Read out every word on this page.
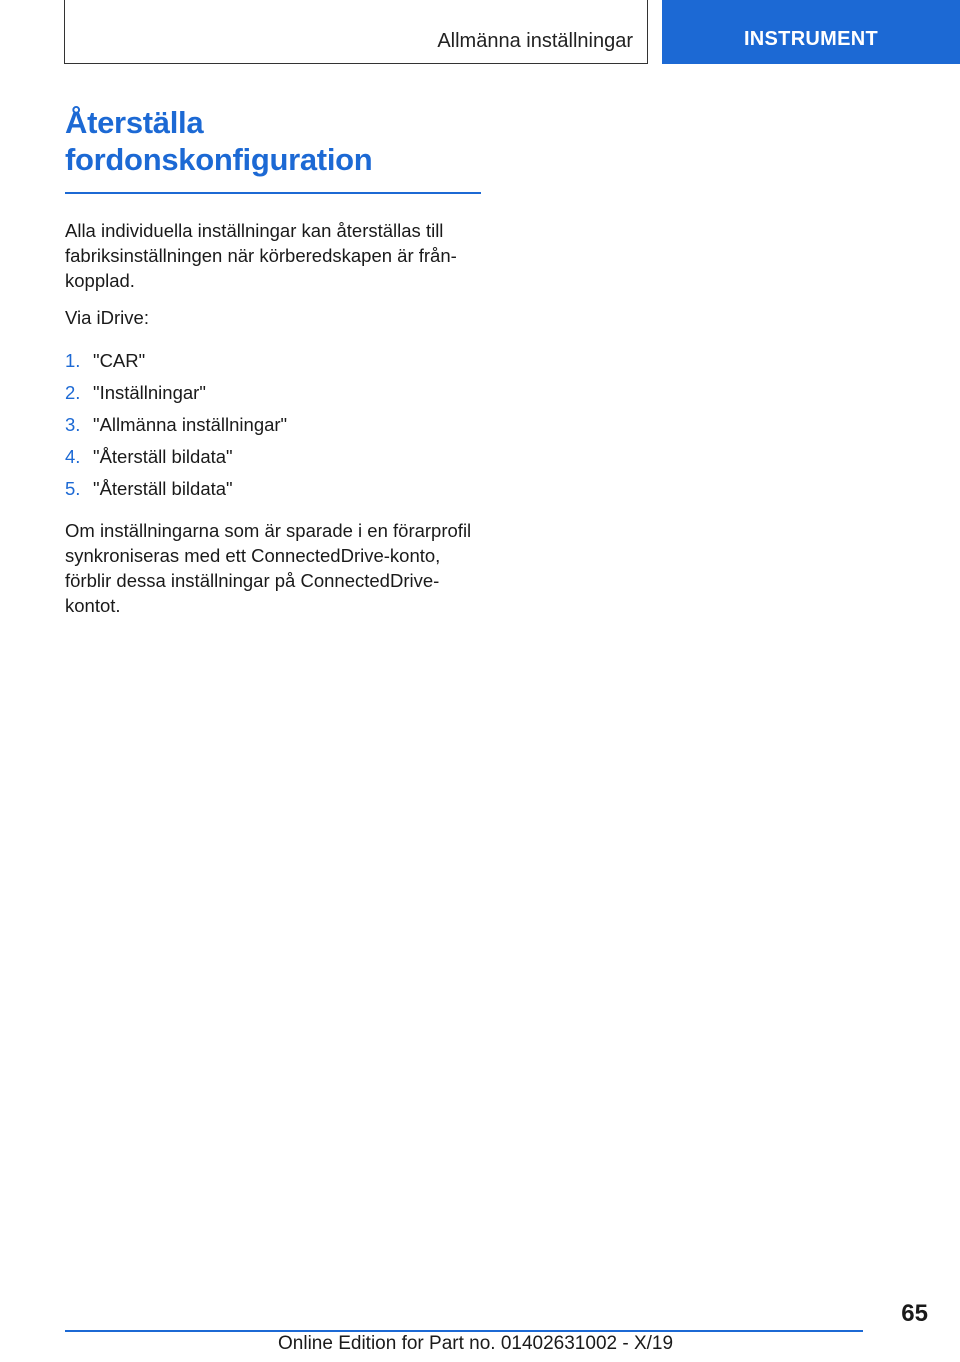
Allmänna inställningar	INSTRUMENT
Återställa
fordonskonfiguration

Alla individuella inställningar kan återställas till fabriksinställningen när körberedskapen är från-kopplad.

Via iDrive:

1. "CAR"
2. "Inställningar"
3. "Allmänna inställningar"
4. "Återställ bildata"
5. "Återställ bildata"

Om inställningarna som är sparade i en förarprofil synkroniseras med ett ConnectedDrive-konto, förblir dessa inställningar på ConnectedDrive-kontot.

65
Online Edition for Part no. 01402631002 - X/19
